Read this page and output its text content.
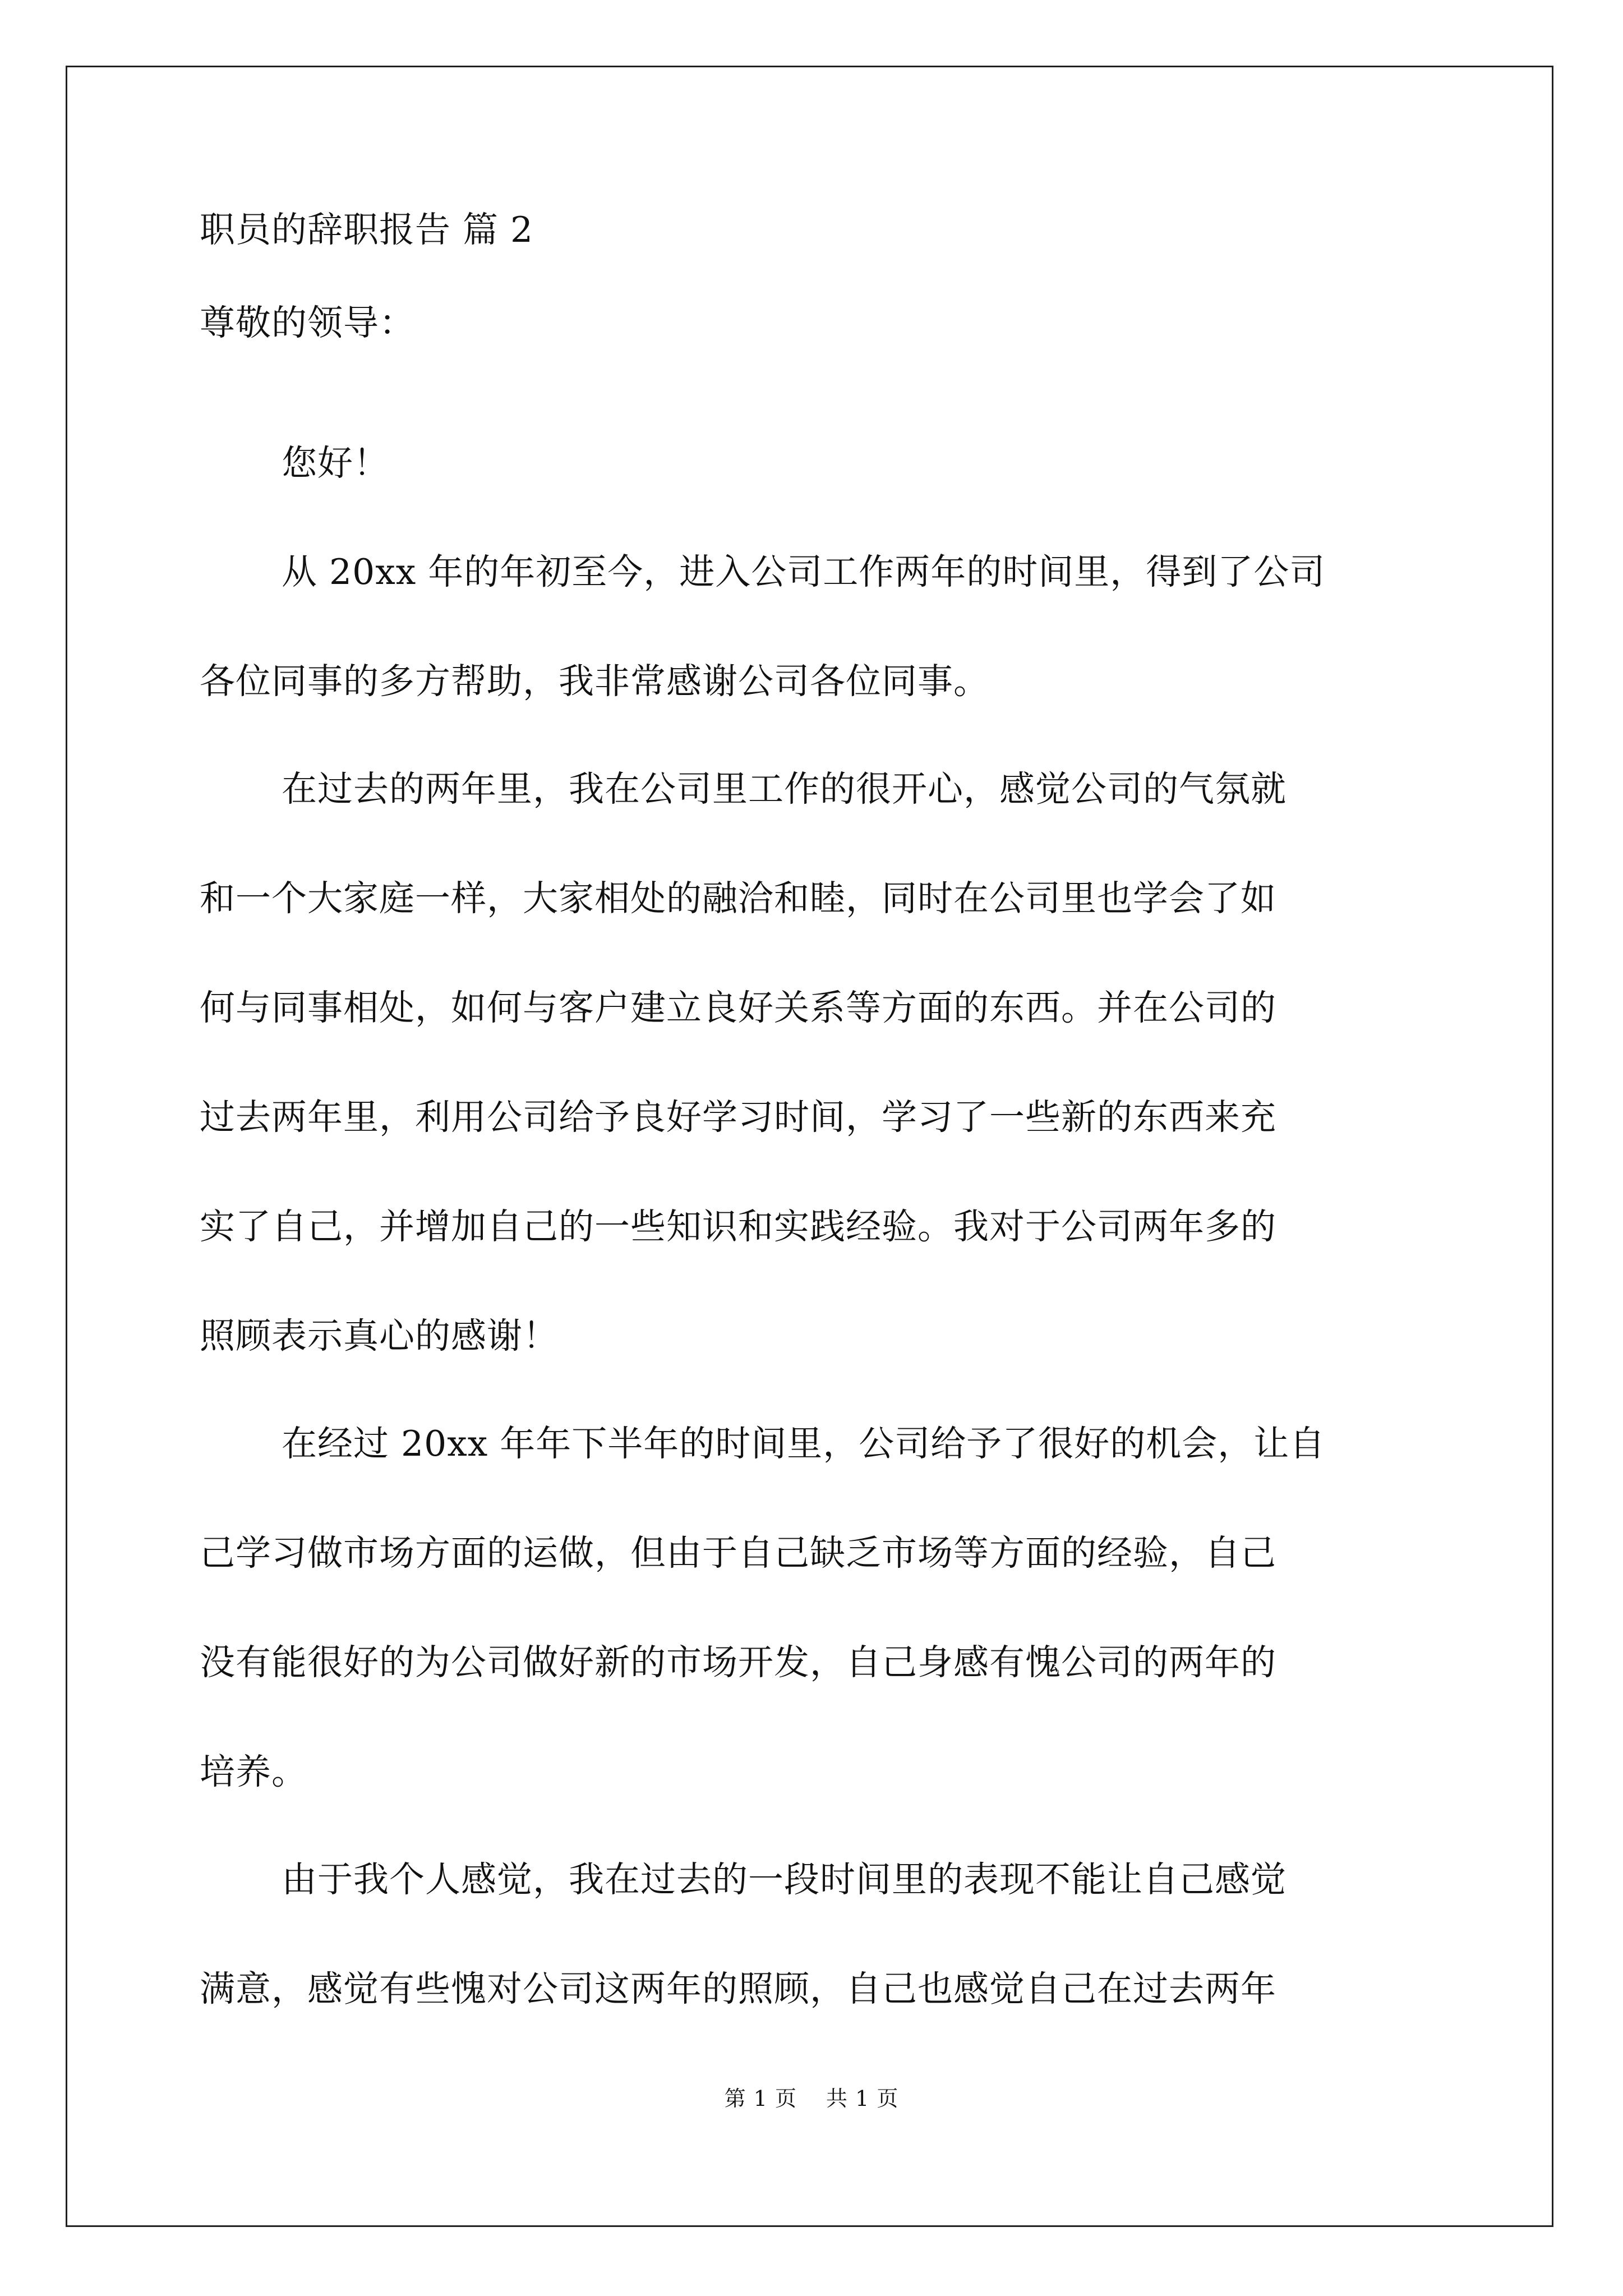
职员的辞职报告 篇 2
尊敬的领导：
您好！
从 20xx 年的年初至今，进入公司工作两年的时间里，得到了公司
各位同事的多方帮助，我非常感谢公司各位同事。
在过去的两年里，我在公司里工作的很开心，感觉公司的气氛就
和一个大家庭一样，大家相处的融洽和睦，同时在公司里也学会了如
何与同事相处，如何与客户建立良好关系等方面的东西。并在公司的
过去两年里，利用公司给予良好学习时间，学习了一些新的东西来充
实了自己，并增加自己的一些知识和实践经验。我对于公司两年多的
照顾表示真心的感谢！
在经过 20xx 年年下半年的时间里，公司给予了很好的机会，让自
己学习做市场方面的运做，但由于自己缺乏市场等方面的经验，自己
没有能很好的为公司做好新的市场开发，自己身感有愧公司的两年的
培养。
由于我个人感觉，我在过去的一段时间里的表现不能让自己感觉
满意，感觉有些愧对公司这两年的照顾，自己也感觉自己在过去两年
第 1 页　 共 1 页
